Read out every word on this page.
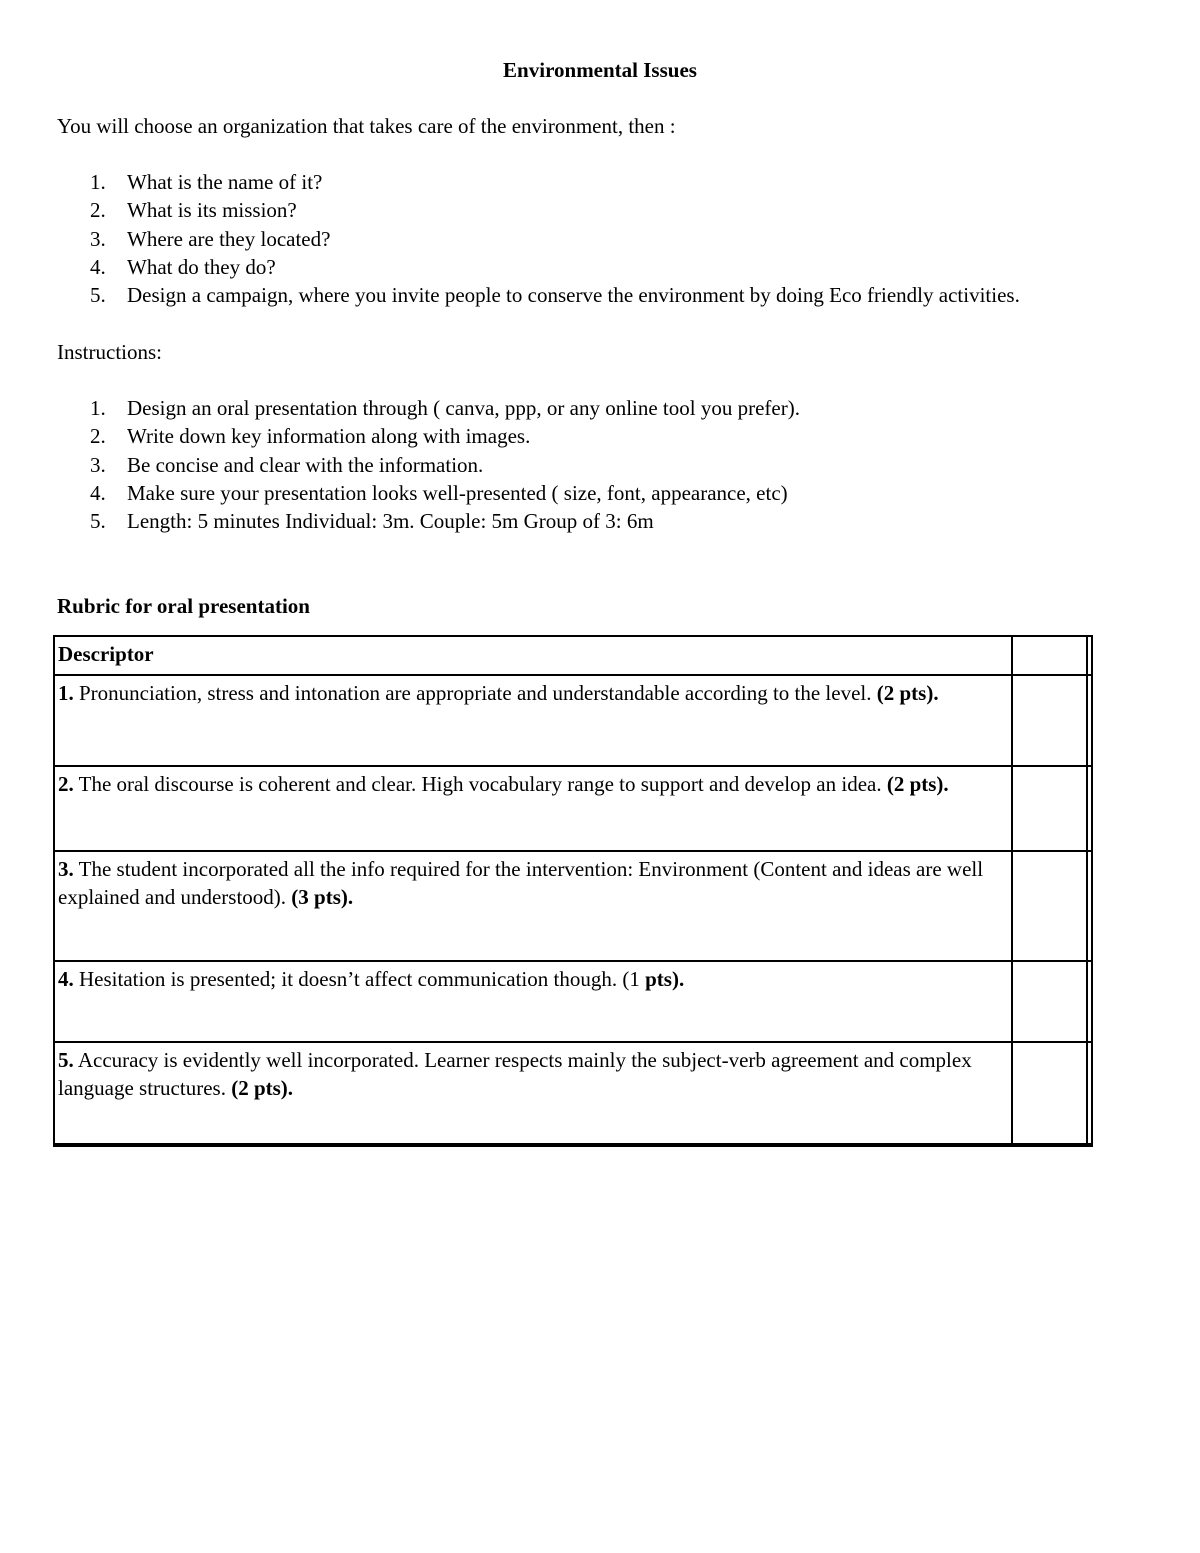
Environmental Issues
You will choose an organization that takes care of the environment, then :
1. What is the name of it?
2. What is its mission?
3. Where are they located?
4. What do they do?
5. Design a campaign, where you invite people to conserve the environment by doing Eco friendly activities.
Instructions:
1. Design an oral presentation through ( canva, ppp, or any online tool you prefer).
2. Write down key information along with images.
3. Be concise and clear with the information.
4. Make sure your presentation looks well-presented ( size, font, appearance, etc)
5. Length: 5 minutes Individual: 3m. Couple: 5m Group of 3: 6m
Rubric for oral presentation
Descriptor
1. Pronunciation, stress and intonation are appropriate and understandable according to the level. (2 pts).
2. The oral discourse is coherent and clear. High vocabulary range to support and develop an idea. (2 pts).
3. The student incorporated all the info required for the intervention: Environment (Content and ideas are well explained and understood). (3 pts).
4. Hesitation is presented; it doesn’t affect communication though. (1 pts).
5. Accuracy is evidently well incorporated. Learner respects mainly the subject-verb agreement and complex language structures. (2 pts).
